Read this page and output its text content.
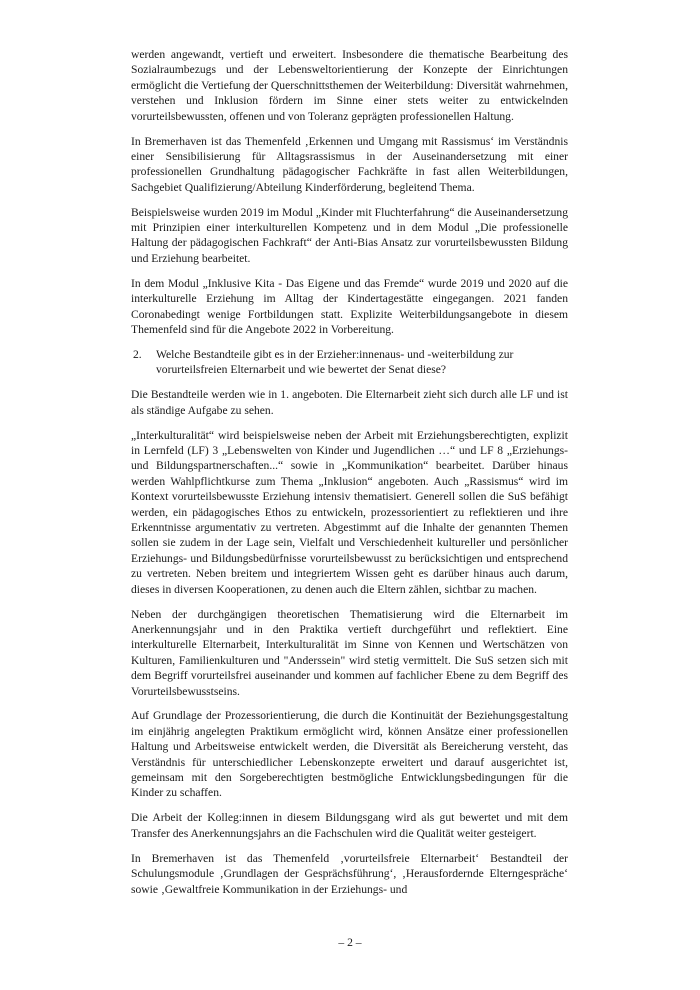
werden angewandt, vertieft und erweitert. Insbesondere die thematische Bearbeitung des Sozialraumbezugs und der Lebensweltorientierung der Konzepte der Einrichtungen ermöglicht die Vertiefung der Querschnittsthemen der Weiterbildung: Diversität wahrnehmen, verstehen und Inklusion fördern im Sinne einer stets weiter zu entwickelnden vorurteilsbewussten, offenen und von Toleranz geprägten professionellen Haltung.

In Bremerhaven ist das Themenfeld ‚Erkennen und Umgang mit Rassismus‘ im Verständnis einer Sensibilisierung für Alltagsrassismus in der Auseinandersetzung mit einer professionellen Grundhaltung pädagogischer Fachkräfte in fast allen Weiterbildungen, Sachgebiet Qualifizierung/Abteilung Kinderförderung, begleitend Thema.

Beispielsweise wurden 2019 im Modul „Kinder mit Fluchterfahrung“ die Auseinandersetzung mit Prinzipien einer interkulturellen Kompetenz und in dem Modul „Die professionelle Haltung der pädagogischen Fachkraft“ der Anti-Bias Ansatz zur vorurteilsbewussten Bildung und Erziehung bearbeitet.

In dem Modul „Inklusive Kita - Das Eigene und das Fremde“ wurde 2019 und 2020 auf die interkulturelle Erziehung im Alltag der Kindertagestätte eingegangen. 2021 fanden Coronabedingt wenige Fortbildungen statt. Explizite Weiterbildungsangebote in diesem Themenfeld sind für die Angebote 2022 in Vorbereitung.

2.	Welche Bestandteile gibt es in der Erzieher:innenaus- und -weiterbildung zur vorurteilsfreien Elternarbeit und wie bewertet der Senat diese?

Die Bestandteile werden wie in 1. angeboten. Die Elternarbeit zieht sich durch alle LF und ist als ständige Aufgabe zu sehen.

„Interkulturalität“ wird beispielsweise neben der Arbeit mit Erziehungsberechtigten, explizit in Lernfeld (LF) 3 „Lebenswelten von Kinder und Jugendlichen …“ und LF 8 „Erziehungs- und Bildungspartnerschaften...“ sowie in „Kommunikation“ bearbeitet. Darüber hinaus werden Wahlpflichtkurse zum Thema „Inklusion“ angeboten. Auch „Rassismus“ wird im Kontext vorurteilsbewusste Erziehung intensiv thematisiert. Generell sollen die SuS befähigt werden, ein pädagogisches Ethos zu entwickeln, prozessorientiert zu reflektieren und ihre Erkenntnisse argumentativ zu vertreten. Abgestimmt auf die Inhalte der genannten Themen sollen sie zudem in der Lage sein, Vielfalt und Verschiedenheit kultureller und persönlicher Erziehungs- und Bildungsbedürfnisse vorurteilsbewusst zu berücksichtigen und entsprechend zu vertreten. Neben breitem und integriertem Wissen geht es darüber hinaus auch darum, dieses in diversen Kooperationen, zu denen auch die Eltern zählen, sichtbar zu machen.

Neben der durchgängigen theoretischen Thematisierung wird die Elternarbeit im Anerkennungsjahr und in den Praktika vertieft durchgeführt und reflektiert. Eine interkulturelle Elternarbeit, Interkulturalität im Sinne von Kennen und Wertschätzen von Kulturen, Familienkulturen und "Anderssein" wird stetig vermittelt. Die SuS setzen sich mit dem Begriff vorurteilsfrei auseinander und kommen auf fachlicher Ebene zu dem Begriff des Vorurteilsbewusstseins.

Auf Grundlage der Prozessorientierung, die durch die Kontinuität der Beziehungsgestaltung im einjährig angelegten Praktikum ermöglicht wird, können Ansätze einer professionellen Haltung und Arbeitsweise entwickelt werden, die Diversität als Bereicherung versteht, das Verständnis für unterschiedlicher Lebenskonzepte erweitert und darauf ausgerichtet ist, gemeinsam mit den Sorgeberechtigten bestmögliche Entwicklungsbedingungen für die Kinder zu schaffen.

Die Arbeit der Kolleg:innen in diesem Bildungsgang wird als gut bewertet und mit dem Transfer des Anerkennungsjahrs an die Fachschulen wird die Qualität weiter gesteigert.

In Bremerhaven ist das Themenfeld ‚vorurteilsfreie Elternarbeit‘ Bestandteil der Schulungsmodule ‚Grundlagen der Gesprächsführung‘, ‚Herausfordernde Elterngespräche‘ sowie ‚Gewaltfreie Kommunikation in der Erziehungs- und

– 2 –
